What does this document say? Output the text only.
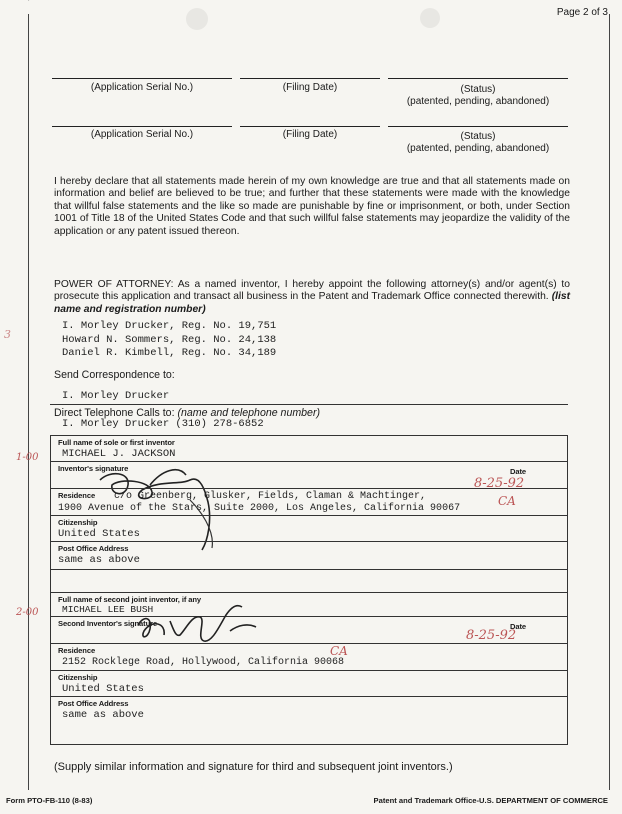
Page 2 of 3
(Application Serial No.)	(Filing Date)	(Status)
(patented, pending, abandoned)
(Application Serial No.)	(Filing Date)	(Status)
(patented, pending, abandoned)
I hereby declare that all statements made herein of my own knowledge are true and that all statements made on information and belief are believed to be true; and further that these statements were made with the knowledge that willful false statements and the like so made are punishable by fine or imprisonment, or both, under Section 1001 of Title 18 of the United States Code and that such willful false statements may jeopardize the validity of the application or any patent issued thereon.
POWER OF ATTORNEY: As a named inventor, I hereby appoint the following attorney(s) and/or agent(s) to prosecute this application and transact all business in the Patent and Trademark Office connected therewith. (list name and registration number)
I. Morley Drucker, Reg. No. 19,751
Howard N. Sommers, Reg. No. 24,138
Daniel R. Kimbell, Reg. No. 34,189
3
Send Correspondence to:
I. Morley Drucker
Direct Telephone Calls to: (name and telephone number)
I. Morley Drucker (310) 278-6852
Full name of sole or first inventor
MICHAEL J. JACKSON
Inventor's signature	Date
8-25-92
Residence c/o Greenberg, Glusker, Fields, Claman & Machtinger,
1900 Avenue of the Stars, Suite 2000, Los Angeles, California 90067
CA
Citizenship
United States
Post Office Address
same as above
1-00
Full name of second joint inventor, if any
MICHAEL LEE BUSH
Second Inventor's signature	Date
8-25-92
Residence
2152 Rocklege Road, Hollywood, California 90068
CA
Citizenship
United States
Post Office Address
same as above
2-00
(Supply similar information and signature for third and subsequent joint inventors.)
Form PTO-FB-110 (8-83)	Patent and Trademark Office-U.S. DEPARTMENT OF COMMERCE
